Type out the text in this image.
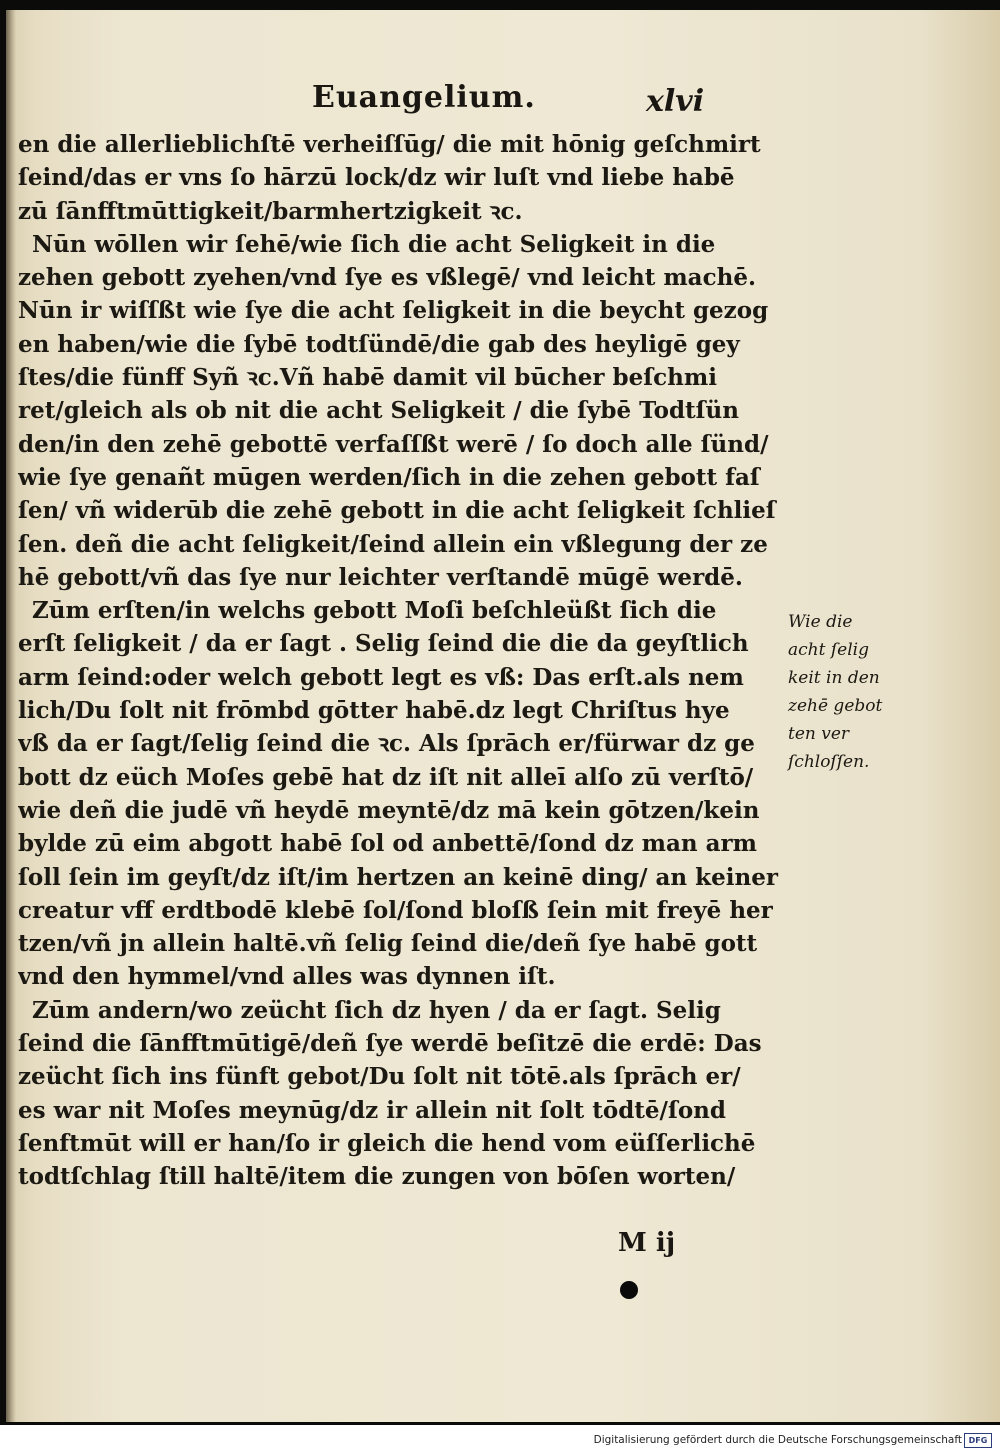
Euangelium.	xlvi
en die allerlieblichſtē verheiſſūg/ die mit hōnig geſchmirt
ſeind/das er vns ſo hārzū lock/dz wir luſt vnd liebe habē
zū ſānfftmūttigkeit/barmhertzigkeit ꝛc.
Nūn wōllen wir ſehē/wie ſich die acht Seligkeit in die
zehen gebott zyehen/vnd ſye es vßlegē/ vnd leicht machē.
Nūn ir wiſſßt wie ſye die acht ſeligkeit in die beycht gezog
en haben/wie die ſybē todtſündē/die gab des heyligē gey
ſtes/die fünff Syñ ꝛc.Vñ habē damit vil būcher beſchmi
ret/gleich als ob nit die acht Seligkeit / die ſybē Todtſün
den/in den zehē gebottē verfaſſßt werē / ſo doch alle ſünd/
wie ſye genañt mūgen werden/ſich in die zehen gebott faſ
ſen/ vñ widerūb die zehē gebott in die acht ſeligkeit ſchlieſ
ſen. deñ die acht ſeligkeit/ſeind allein ein vßlegung der ze
hē gebott/vñ das ſye nur leichter verſtandē mūgē werdē.
Zūm erſten/in welchs gebott Moſi beſchleüßt ſich die
erſt ſeligkeit / da er ſagt . Selig ſeind die die da geyſtlich
arm ſeind:oder welch gebott legt es vß: Das erſt.als nem
lich/Du ſolt nit frōmbd gōtter habē.dz legt Chriſtus hye
vß da er ſagt/ſelig ſeind die ꝛc. Als ſprāch er/fürwar dz ge
bott dz eüch Moſes gebē hat dz iſt nit alleī alſo zū verſtō/
wie deñ die judē vñ heydē meyntē/dz mā kein gōtzen/kein
bylde zū eim abgott habē ſol od anbettē/ſond dz man arm
ſoll ſein im geyſt/dz iſt/im hertzen an keinē ding/ an keiner
creatur vff erdtbodē klebē ſol/ſond bloſß ſein mit freyē her
tzen/vñ jn allein haltē.vñ ſelig ſeind die/deñ ſye habē gott
vnd den hymmel/vnd alles was dynnen iſt.
Zūm andern/wo zeücht ſich dz hyen / da er ſagt. Selig
ſeind die ſānfftmūtigē/deñ ſye werdē beſitzē die erdē: Das
zeücht ſich ins fünft gebot/Du ſolt nit tōtē.als ſprāch er/
es war nit Moſes meynūg/dz ir allein nit ſolt tōdtē/ſond
ſenftmūt will er han/ſo ir gleich die hend vom eüſſerlichē
todtſchlag ſtill haltē/item die zungen von bōſen worten/
Wie die
acht ſelig
keit in den
zehē gebot
ten ver
ſchloſſen.
M ij
Digitalisierung gefördert durch die Deutsche Forschungsgemeinschaft DFG
